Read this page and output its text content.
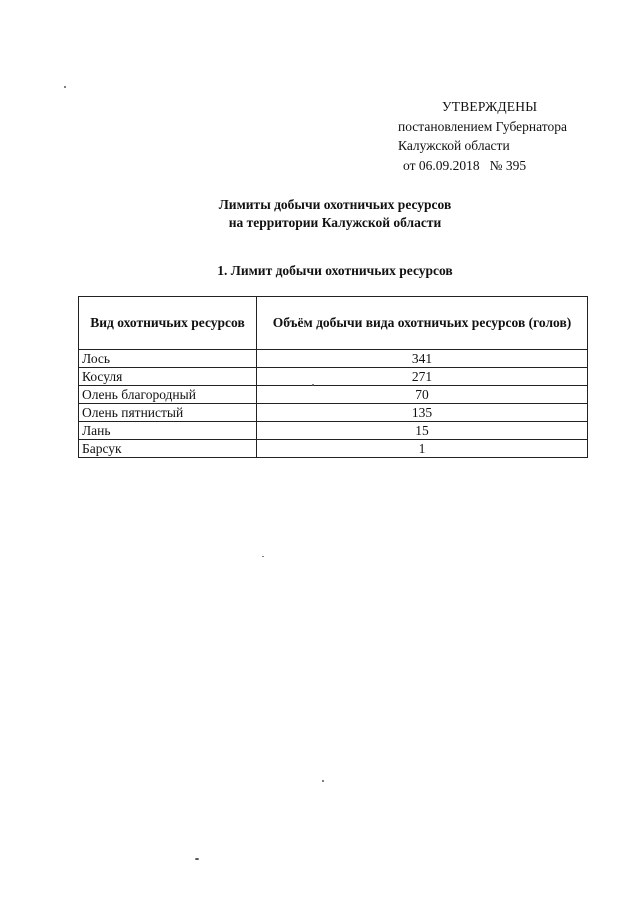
УТВЕРЖДЕНЫ
постановлением Губернатора
Калужской области
от 06.09.2018 № 395
Лимиты добычи охотничьих ресурсов
на территории Калужской области
1. Лимит добычи охотничьих ресурсов
Вид охотничьих ресурсов	Объём добычи вида охотничьих ресурсов (голов)
Лось	341
Косуля	271
Олень благородный	70
Олень пятнистый	135
Лань	15
Барсук	1
